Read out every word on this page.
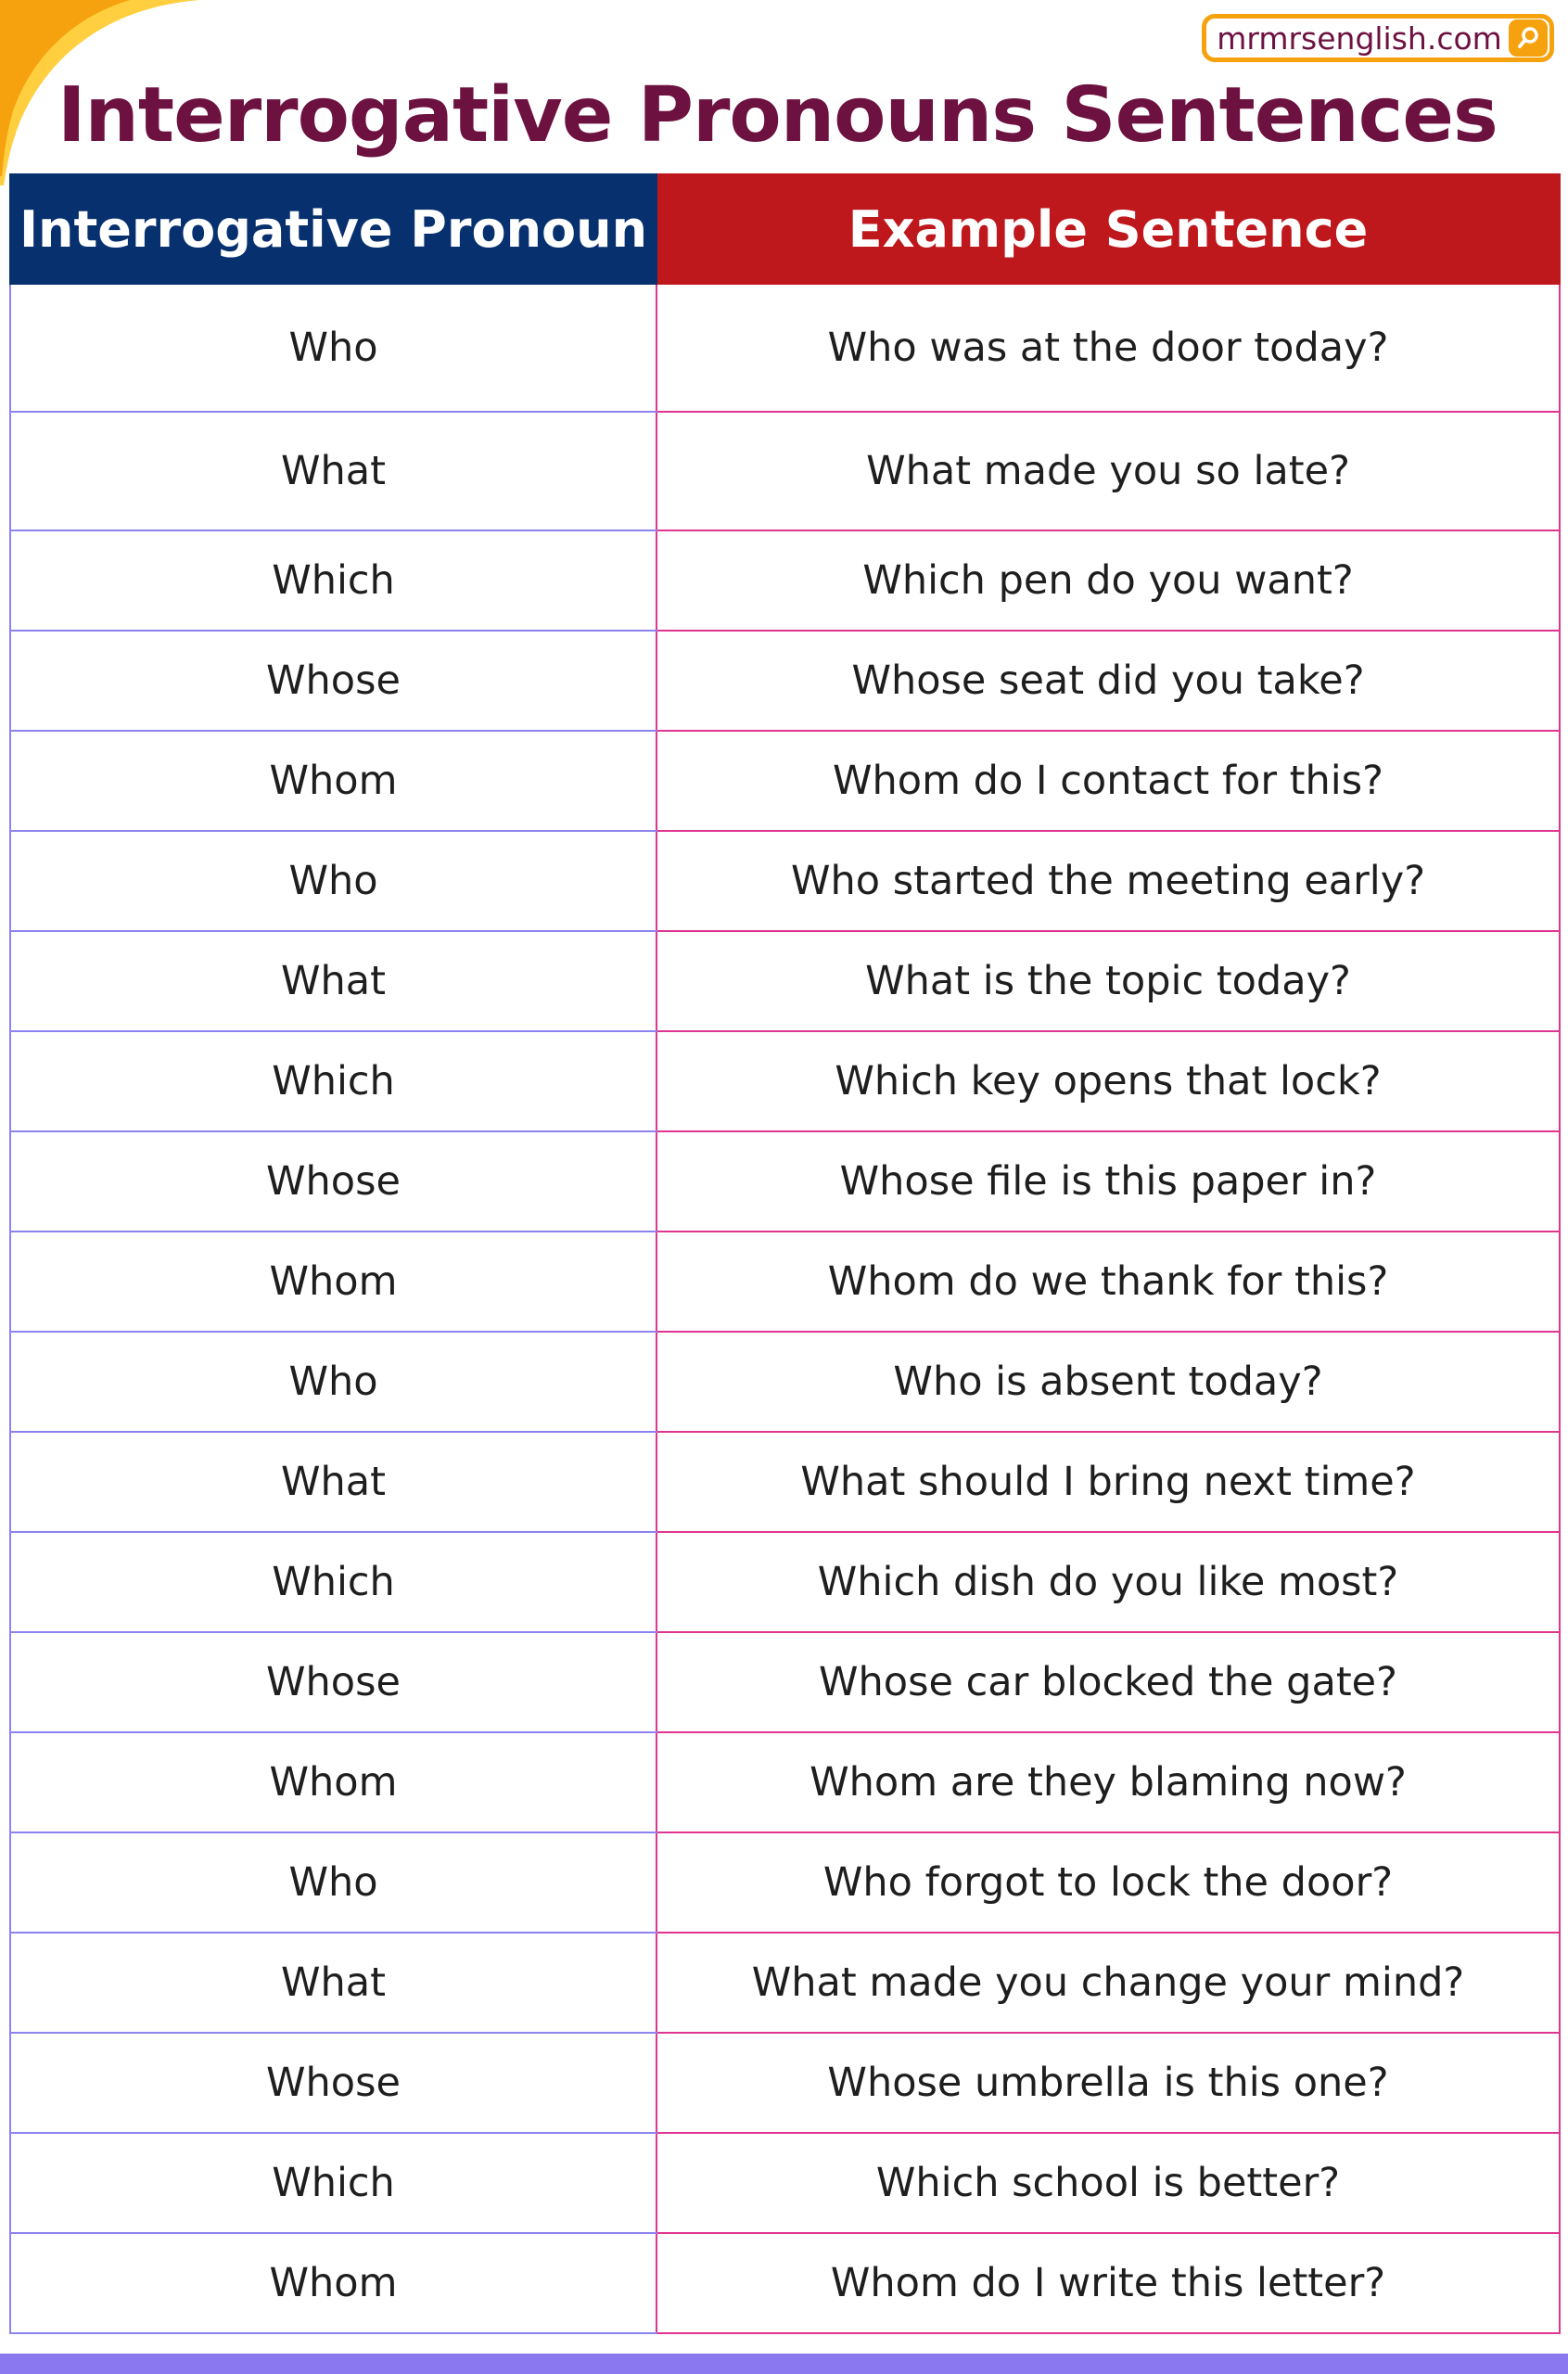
mrmrsenglish.com
Interrogative Pronouns Sentences
Interrogative Pronoun	Example Sentence
Who	Who was at the door today?
What	What made you so late?
Which	Which pen do you want?
Whose	Whose seat did you take?
Whom	Whom do I contact for this?
Who	Who started the meeting early?
What	What is the topic today?
Which	Which key opens that lock?
Whose	Whose file is this paper in?
Whom	Whom do we thank for this?
Who	Who is absent today?
What	What should I bring next time?
Which	Which dish do you like most?
Whose	Whose car blocked the gate?
Whom	Whom are they blaming now?
Who	Who forgot to lock the door?
What	What made you change your mind?
Whose	Whose umbrella is this one?
Which	Which school is better?
Whom	Whom do I write this letter?
